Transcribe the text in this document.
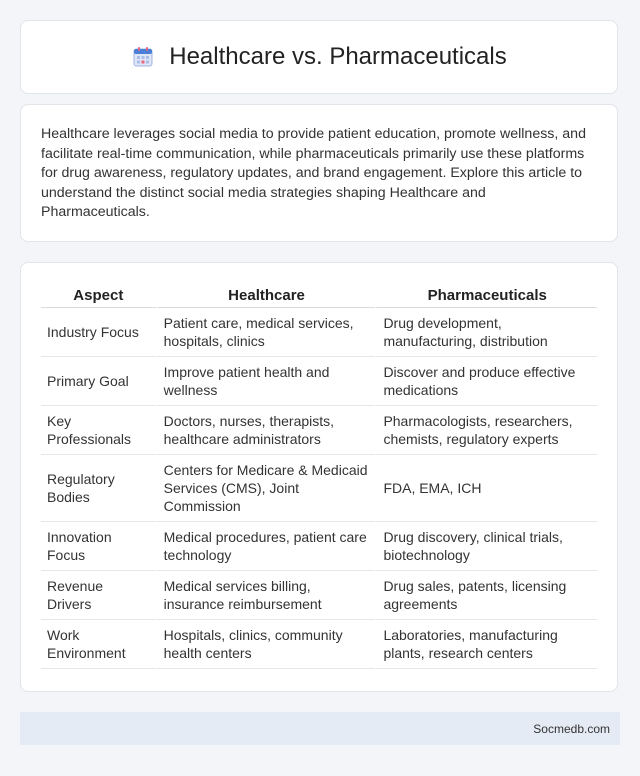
Healthcare vs. Pharmaceuticals

Healthcare leverages social media to provide patient education, promote wellness, and facilitate real-time communication, while pharmaceuticals primarily use these platforms for drug awareness, regulatory updates, and brand engagement. Explore this article to understand the distinct social media strategies shaping Healthcare and Pharmaceuticals.

Aspect	Healthcare	Pharmaceuticals
Industry Focus	Patient care, medical services, hospitals, clinics	Drug development, manufacturing, distribution
Primary Goal	Improve patient health and wellness	Discover and produce effective medications
Key Professionals	Doctors, nurses, therapists, healthcare administrators	Pharmacologists, researchers, chemists, regulatory experts
Regulatory Bodies	Centers for Medicare & Medicaid Services (CMS), Joint Commission	FDA, EMA, ICH
Innovation Focus	Medical procedures, patient care technology	Drug discovery, clinical trials, biotechnology
Revenue Drivers	Medical services billing, insurance reimbursement	Drug sales, patents, licensing agreements
Work Environment	Hospitals, clinics, community health centers	Laboratories, manufacturing plants, research centers
Socmedb.com
